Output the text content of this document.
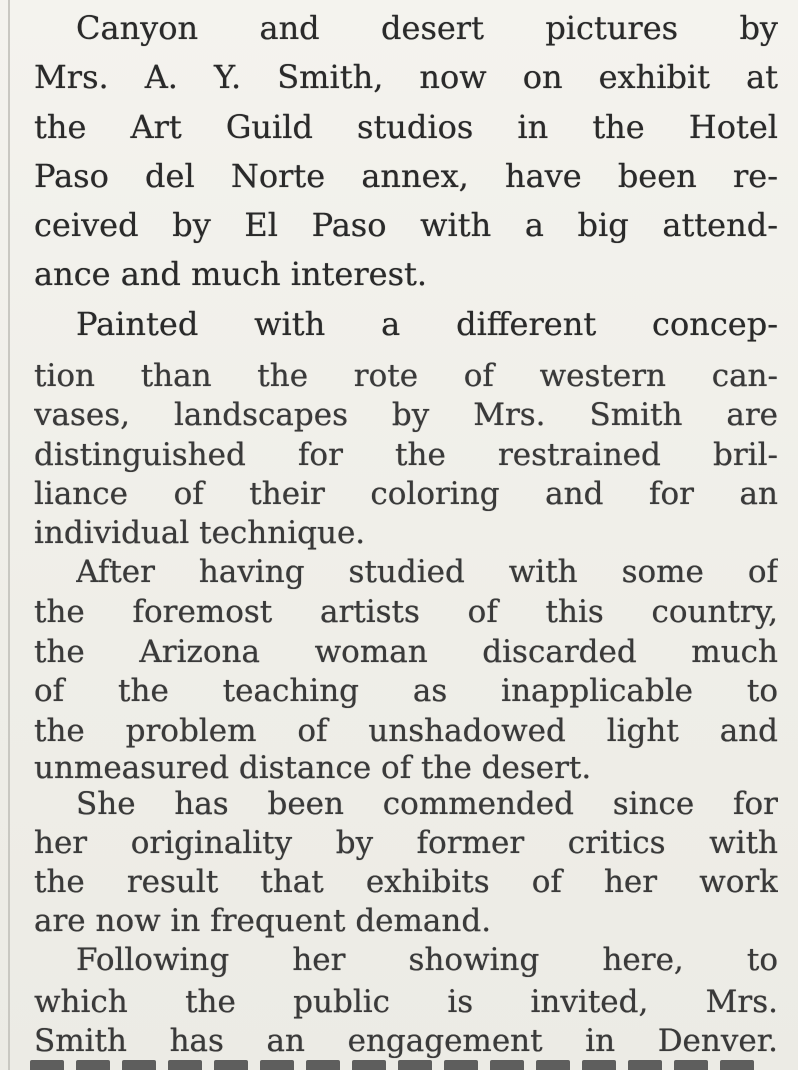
Canyon and desert pictures by

Mrs. A. Y. Smith, now on exhibit at

the Art Guild studios in the Hotel

Paso del Norte annex, have been re-

ceived by El Paso with a big attend-

ance and much interest.

Painted with a different concep-

tion than the rote of western can-

vases, landscapes by Mrs. Smith are

distinguished for the restrained bril-

liance of their coloring and for an

individual technique.

After having studied with some of

the foremost artists of this country,

the Arizona woman discarded much

of the teaching as inapplicable to

the problem of unshadowed light and

unmeasured distance of the desert.

She has been commended since for

her originality by former critics with

the result that exhibits of her work

are now in frequent demand.

Following her showing here, to

which the public is invited, Mrs.

Smith has an engagement in Denver.
